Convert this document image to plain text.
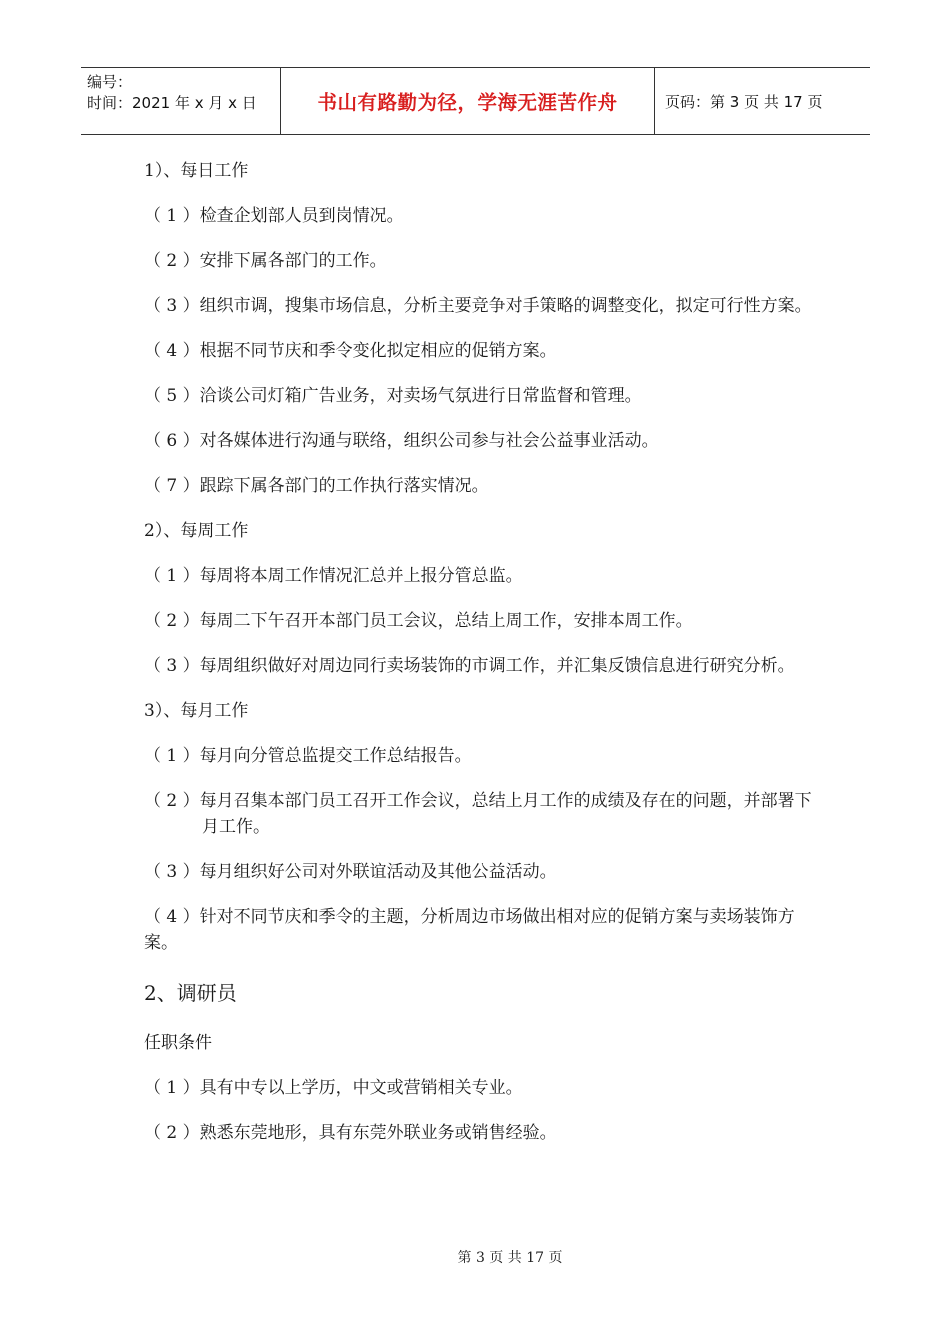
编号：
时间：2021 年 x 月 x 日	书山有路勤为径，学海无涯苦作舟	页码：第 3 页 共 17 页

1）、每日工作

（ 1 ）检查企划部人员到岗情况。

（ 2 ）安排下属各部门的工作。

（ 3 ）组织市调，搜集市场信息，分析主要竞争对手策略的调整变化，拟定可行性方案。

（ 4 ）根据不同节庆和季令变化拟定相应的促销方案。

（ 5 ）洽谈公司灯箱广告业务，对卖场气氛进行日常监督和管理。

（ 6 ）对各媒体进行沟通与联络，组织公司参与社会公益事业活动。

（ 7 ）跟踪下属各部门的工作执行落实情况。

2）、每周工作

（ 1 ）每周将本周工作情况汇总并上报分管总监。

（ 2 ）每周二下午召开本部门员工会议，总结上周工作，安排本周工作。

（ 3 ）每周组织做好对周边同行卖场装饰的市调工作，并汇集反馈信息进行研究分析。

3）、每月工作

（ 1 ）每月向分管总监提交工作总结报告。

（ 2 ）每月召集本部门员工召开工作会议，总结上月工作的成绩及存在的问题，并部署下月工作。

（ 3 ）每月组织好公司对外联谊活动及其他公益活动。

（ 4 ）针对不同节庆和季令的主题，分析周边市场做出相对应的促销方案与卖场装饰方案。

2、调研员

任职条件

（ 1 ）具有中专以上学历，中文或营销相关专业。

（ 2 ）熟悉东莞地形，具有东莞外联业务或销售经验。

第 3 页 共 17 页
